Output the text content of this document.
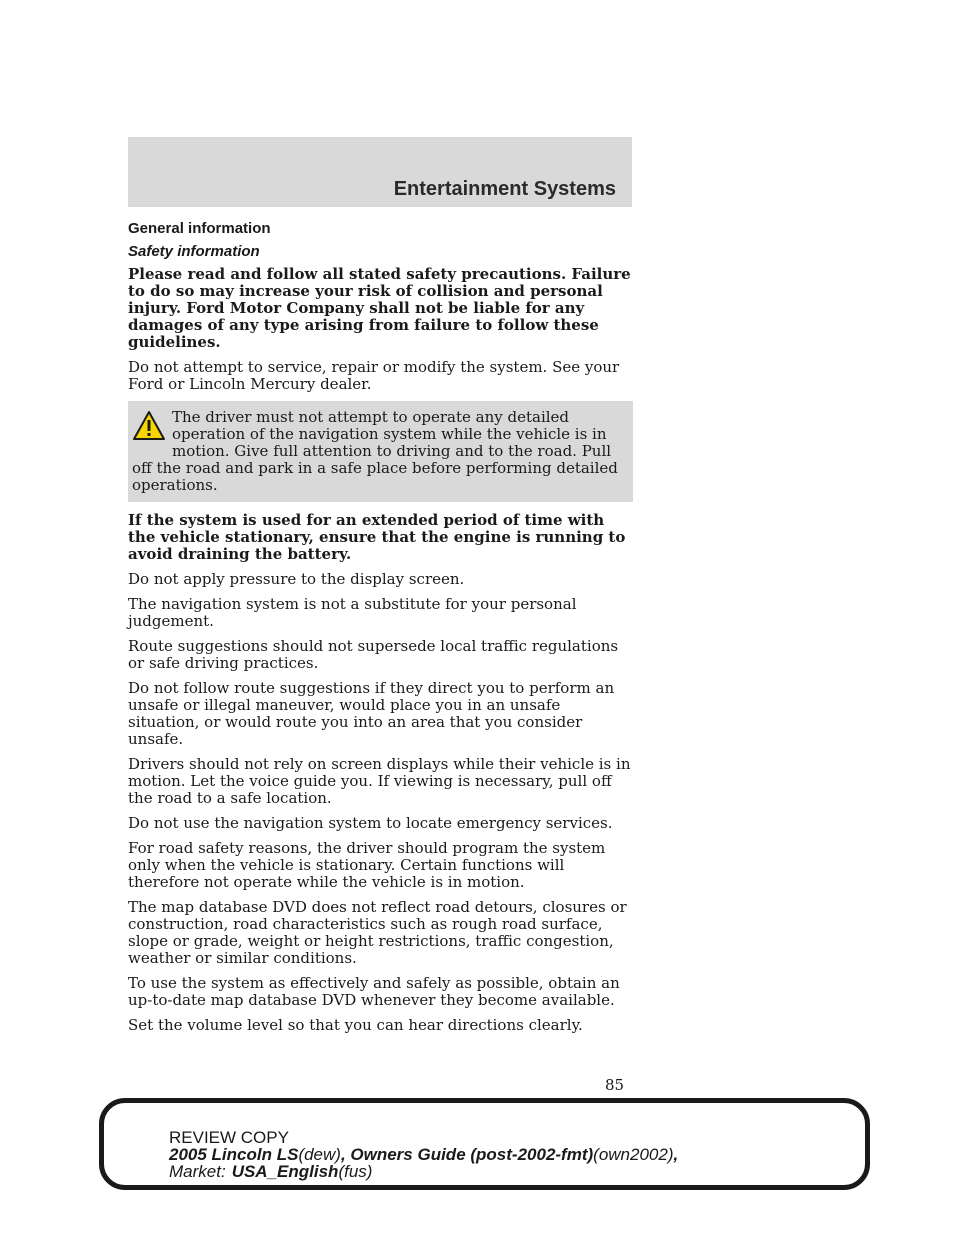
Entertainment Systems
General information
Safety information

Please read and follow all stated safety precautions. Failure to do so may increase your risk of collision and personal injury. Ford Motor Company shall not be liable for any damages of any type arising from failure to follow these guidelines.

Do not attempt to service, repair or modify the system. See your Ford or Lincoln Mercury dealer.

The driver must not attempt to operate any detailed operation of the navigation system while the vehicle is in motion. Give full attention to driving and to the road. Pull off the road and park in a safe place before performing detailed operations.

If the system is used for an extended period of time with the vehicle stationary, ensure that the engine is running to avoid draining the battery.

Do not apply pressure to the display screen.

The navigation system is not a substitute for your personal judgement.

Route suggestions should not supersede local traffic regulations or safe driving practices.

Do not follow route suggestions if they direct you to perform an unsafe or illegal maneuver, would place you in an unsafe situation, or would route you into an area that you consider unsafe.

Drivers should not rely on screen displays while their vehicle is in motion. Let the voice guide you. If viewing is necessary, pull off the road to a safe location.

Do not use the navigation system to locate emergency services.

For road safety reasons, the driver should program the system only when the vehicle is stationary. Certain functions will therefore not operate while the vehicle is in motion.

The map database DVD does not reflect road detours, closures or construction, road characteristics such as rough road surface, slope or grade, weight or height restrictions, traffic congestion, weather or similar conditions.

To use the system as effectively and safely as possible, obtain an up-to-date map database DVD whenever they become available.

Set the volume level so that you can hear directions clearly.

85
REVIEW COPY
2005 Lincoln LS(dew), Owners Guide (post-2002-fmt)(own2002),
Market: USA_English(fus)
